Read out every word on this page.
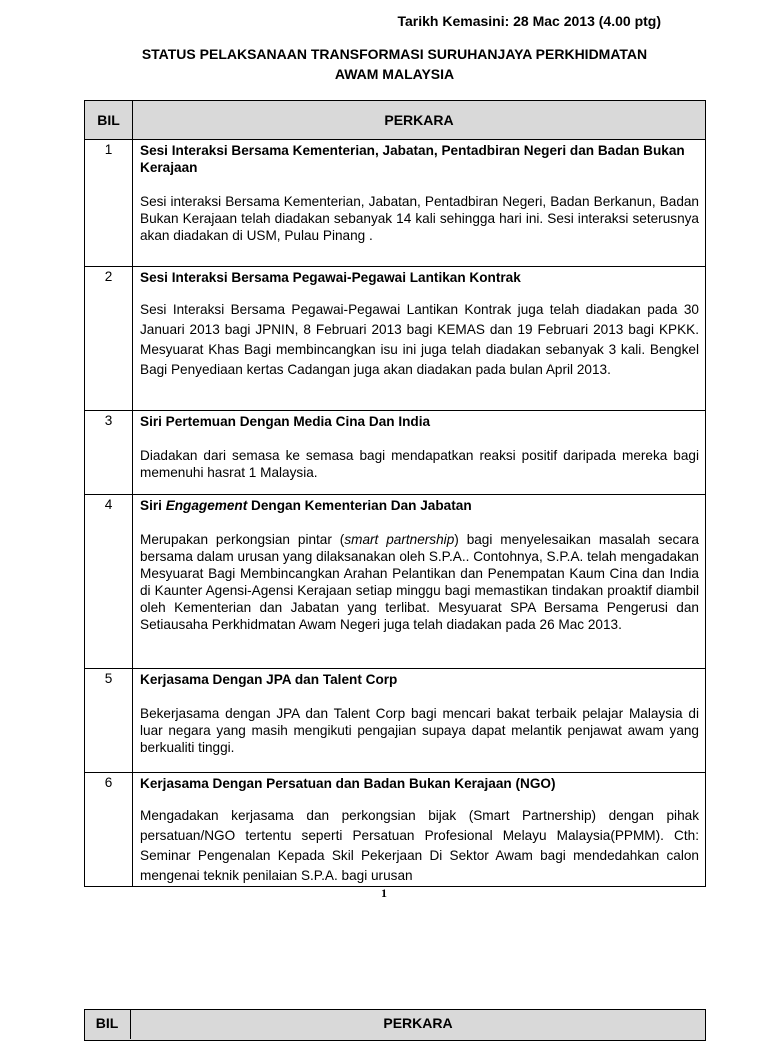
Tarikh Kemasini: 28 Mac 2013 (4.00 ptg)
STATUS PELAKSANAAN TRANSFORMASI SURUHANJAYA PERKHIDMATAN
AWAM MALAYSIA
BIL	PERKARA
1	Sesi Interaksi Bersama Kementerian, Jabatan, Pentadbiran Negeri dan Badan Bukan Kerajaan
Sesi interaksi Bersama Kementerian, Jabatan, Pentadbiran Negeri, Badan Berkanun, Badan Bukan Kerajaan telah diadakan sebanyak 14 kali sehingga hari ini. Sesi interaksi seterusnya akan diadakan di USM, Pulau Pinang .

2	Sesi Interaksi Bersama Pegawai-Pegawai Lantikan Kontrak
Sesi Interaksi Bersama Pegawai-Pegawai Lantikan Kontrak juga telah diadakan pada 30 Januari 2013 bagi JPNIN, 8 Februari 2013 bagi KEMAS dan 19 Februari 2013 bagi KPKK. Mesyuarat Khas Bagi membincangkan isu ini juga telah diadakan sebanyak 3 kali. Bengkel Bagi Penyediaan kertas Cadangan juga akan diadakan pada bulan April 2013.

3	Siri Pertemuan Dengan Media Cina Dan India
Diadakan dari semasa ke semasa bagi mendapatkan reaksi positif daripada mereka bagi memenuhi hasrat 1 Malaysia.

4	Siri Engagement Dengan Kementerian Dan Jabatan
Merupakan perkongsian pintar (smart partnership) bagi menyelesaikan masalah secara bersama dalam urusan yang dilaksanakan oleh S.P.A.. Contohnya, S.P.A. telah mengadakan Mesyuarat Bagi Membincangkan Arahan Pelantikan dan Penempatan Kaum Cina dan India di Kaunter Agensi-Agensi Kerajaan setiap minggu bagi memastikan tindakan proaktif diambil oleh Kementerian dan Jabatan yang terlibat. Mesyuarat SPA Bersama Pengerusi dan Setiausaha Perkhidmatan Awam Negeri juga telah diadakan pada 26 Mac 2013.

5	Kerjasama Dengan JPA dan Talent Corp
Bekerjasama dengan JPA dan Talent Corp bagi mencari bakat terbaik pelajar Malaysia di luar negara yang masih mengikuti pengajian supaya dapat melantik penjawat awam yang berkualiti tinggi.

6	Kerjasama Dengan Persatuan dan Badan Bukan Kerajaan (NGO)
Mengadakan kerjasama dan perkongsian bijak (Smart Partnership) dengan pihak persatuan/NGO tertentu seperti Persatuan Profesional Melayu Malaysia(PPMM). Cth: Seminar Pengenalan Kepada Skil Pekerjaan Di Sektor Awam bagi mendedahkan calon mengenai teknik penilaian S.P.A. bagi urusan
1
BIL	PERKARA
